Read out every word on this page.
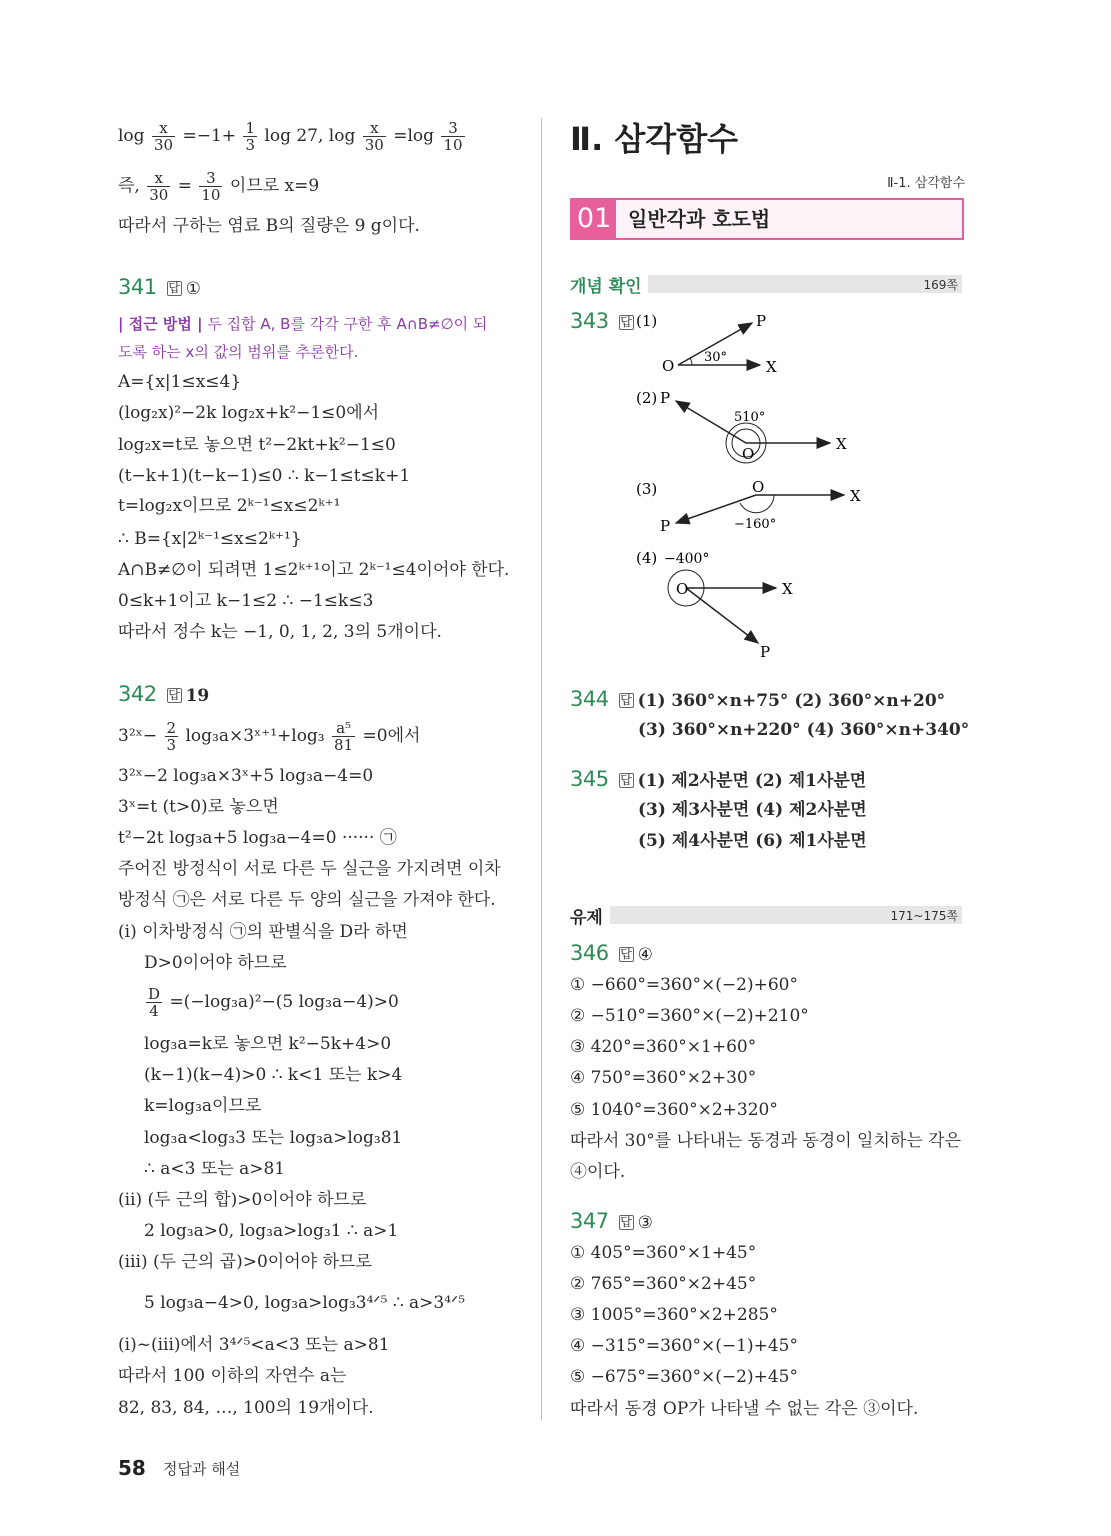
$\log \frac{x}{30} =-1+ \frac{1}{3}$ log 27, $\log \frac{x}{30} =\log \frac{3}{10}$
즉, $\frac{x}{30} = \frac{3}{10}$ 이므로 x=9
따라서 구하는 염료 B의 질량은 9 g이다.
341 답 ①
| 접근 방법 | 두 집합 A, B를 각각 구한 후 A∩B≠∅이 되
도록 하는 x의 값의 범위를 추론한다.
A={x|1≤x≤4}
(log₂x)²−2k log₂x+k²−1≤0에서
log₂x=t로 놓으면 t²−2kt+k²−1≤0
(t−k+1)(t−k−1)≤0 ∴ k−1≤t≤k+1
t=log₂x이므로 2ᵏ⁻¹≤x≤2ᵏ⁺¹
∴ B={x|2ᵏ⁻¹≤x≤2ᵏ⁺¹}
A∩B≠∅이 되려면 1≤2ᵏ⁺¹이고 2ᵏ⁻¹≤4이어야 한다.
0≤k+1이고 k−1≤2 ∴ −1≤k≤3
따라서 정수 k는 −1, 0, 1, 2, 3의 5개이다.
342 답 19
3²ˣ− $\frac{2}{3}$ log₃a×3ˣ⁺¹+log₃ $\frac{\text{a⁵}}{81} =0$에서
3²ˣ−2 log₃a×3ˣ+5 log₃a−4=0
3ˣ=t (t>0)로 놓으면
t²−2t log₃a+5 log₃a−4=0 ······ ㉠
주어진 방정식이 서로 다른 두 실근을 가지려면 이차
방정식 ㉠은 서로 다른 두 양의 실근을 가져야 한다.
(ⅰ) 이차방정식 ㉠의 판별식을 D라 하면
D>0이어야 하므로
$\frac{D}{4} =(-\log_3a)^2-(5$ log₃a−4)>0
log₃a=k로 놓으면 k²−5k+4>0
(k−1)(k−4)>0 ∴ k<1 또는 k>4
k=log₃a이므로
log₃a<log₃3 또는 log₃a>log₃81
∴ a<3 또는 a>81
(ⅱ) (두 근의 합)>0이어야 하므로
2 log₃a>0, log₃a>log₃1 ∴ a>1
(ⅲ) (두 근의 곱)>0이어야 하므로
5 log₃a−4>0, log₃a>log₃3⁴ᐟ⁵ ∴ a>3⁴ᐟ⁵
(ⅰ)~(ⅲ)에서 3⁴ᐟ⁵<a<3 또는 a>81
따라서 100 이하의 자연수 a는
82, 83, 84, …, 100의 19개이다.
Ⅱ. 삼각함수
Ⅱ-1. 삼각함수
01 일반각과 호도법
개념 확인	169쪽
343 답 (1)
O
P
X
30°
(2)
O
P
X
510°
(3)	O
P
X
−160°
(4) −400°
O
P
X
344 답 (1) 360°×n+75° (2) 360°×n+20°
(3) 360°×n+220° (4) 360°×n+340°
345 답 (1) 제2사분면 (2) 제1사분면
(3) 제3사분면 (4) 제2사분면
(5) 제4사분면 (6) 제1사분면
유제	171~175쪽
346 답 ④
① −660°=360°×(−2)+60°
② −510°=360°×(−2)+210°
③ 420°=360°×1+60°
④ 750°=360°×2+30°
⑤ 1040°=360°×2+320°
따라서 30°를 나타내는 동경과 동경이 일치하는 각은
④이다.
347 답 ③
① 405°=360°×1+45°
② 765°=360°×2+45°
③ 1005°=360°×2+285°
④ −315°=360°×(−1)+45°
⑤ −675°=360°×(−2)+45°
따라서 동경 OP가 나타낼 수 없는 각은 ③이다.
58 정답과 해설
